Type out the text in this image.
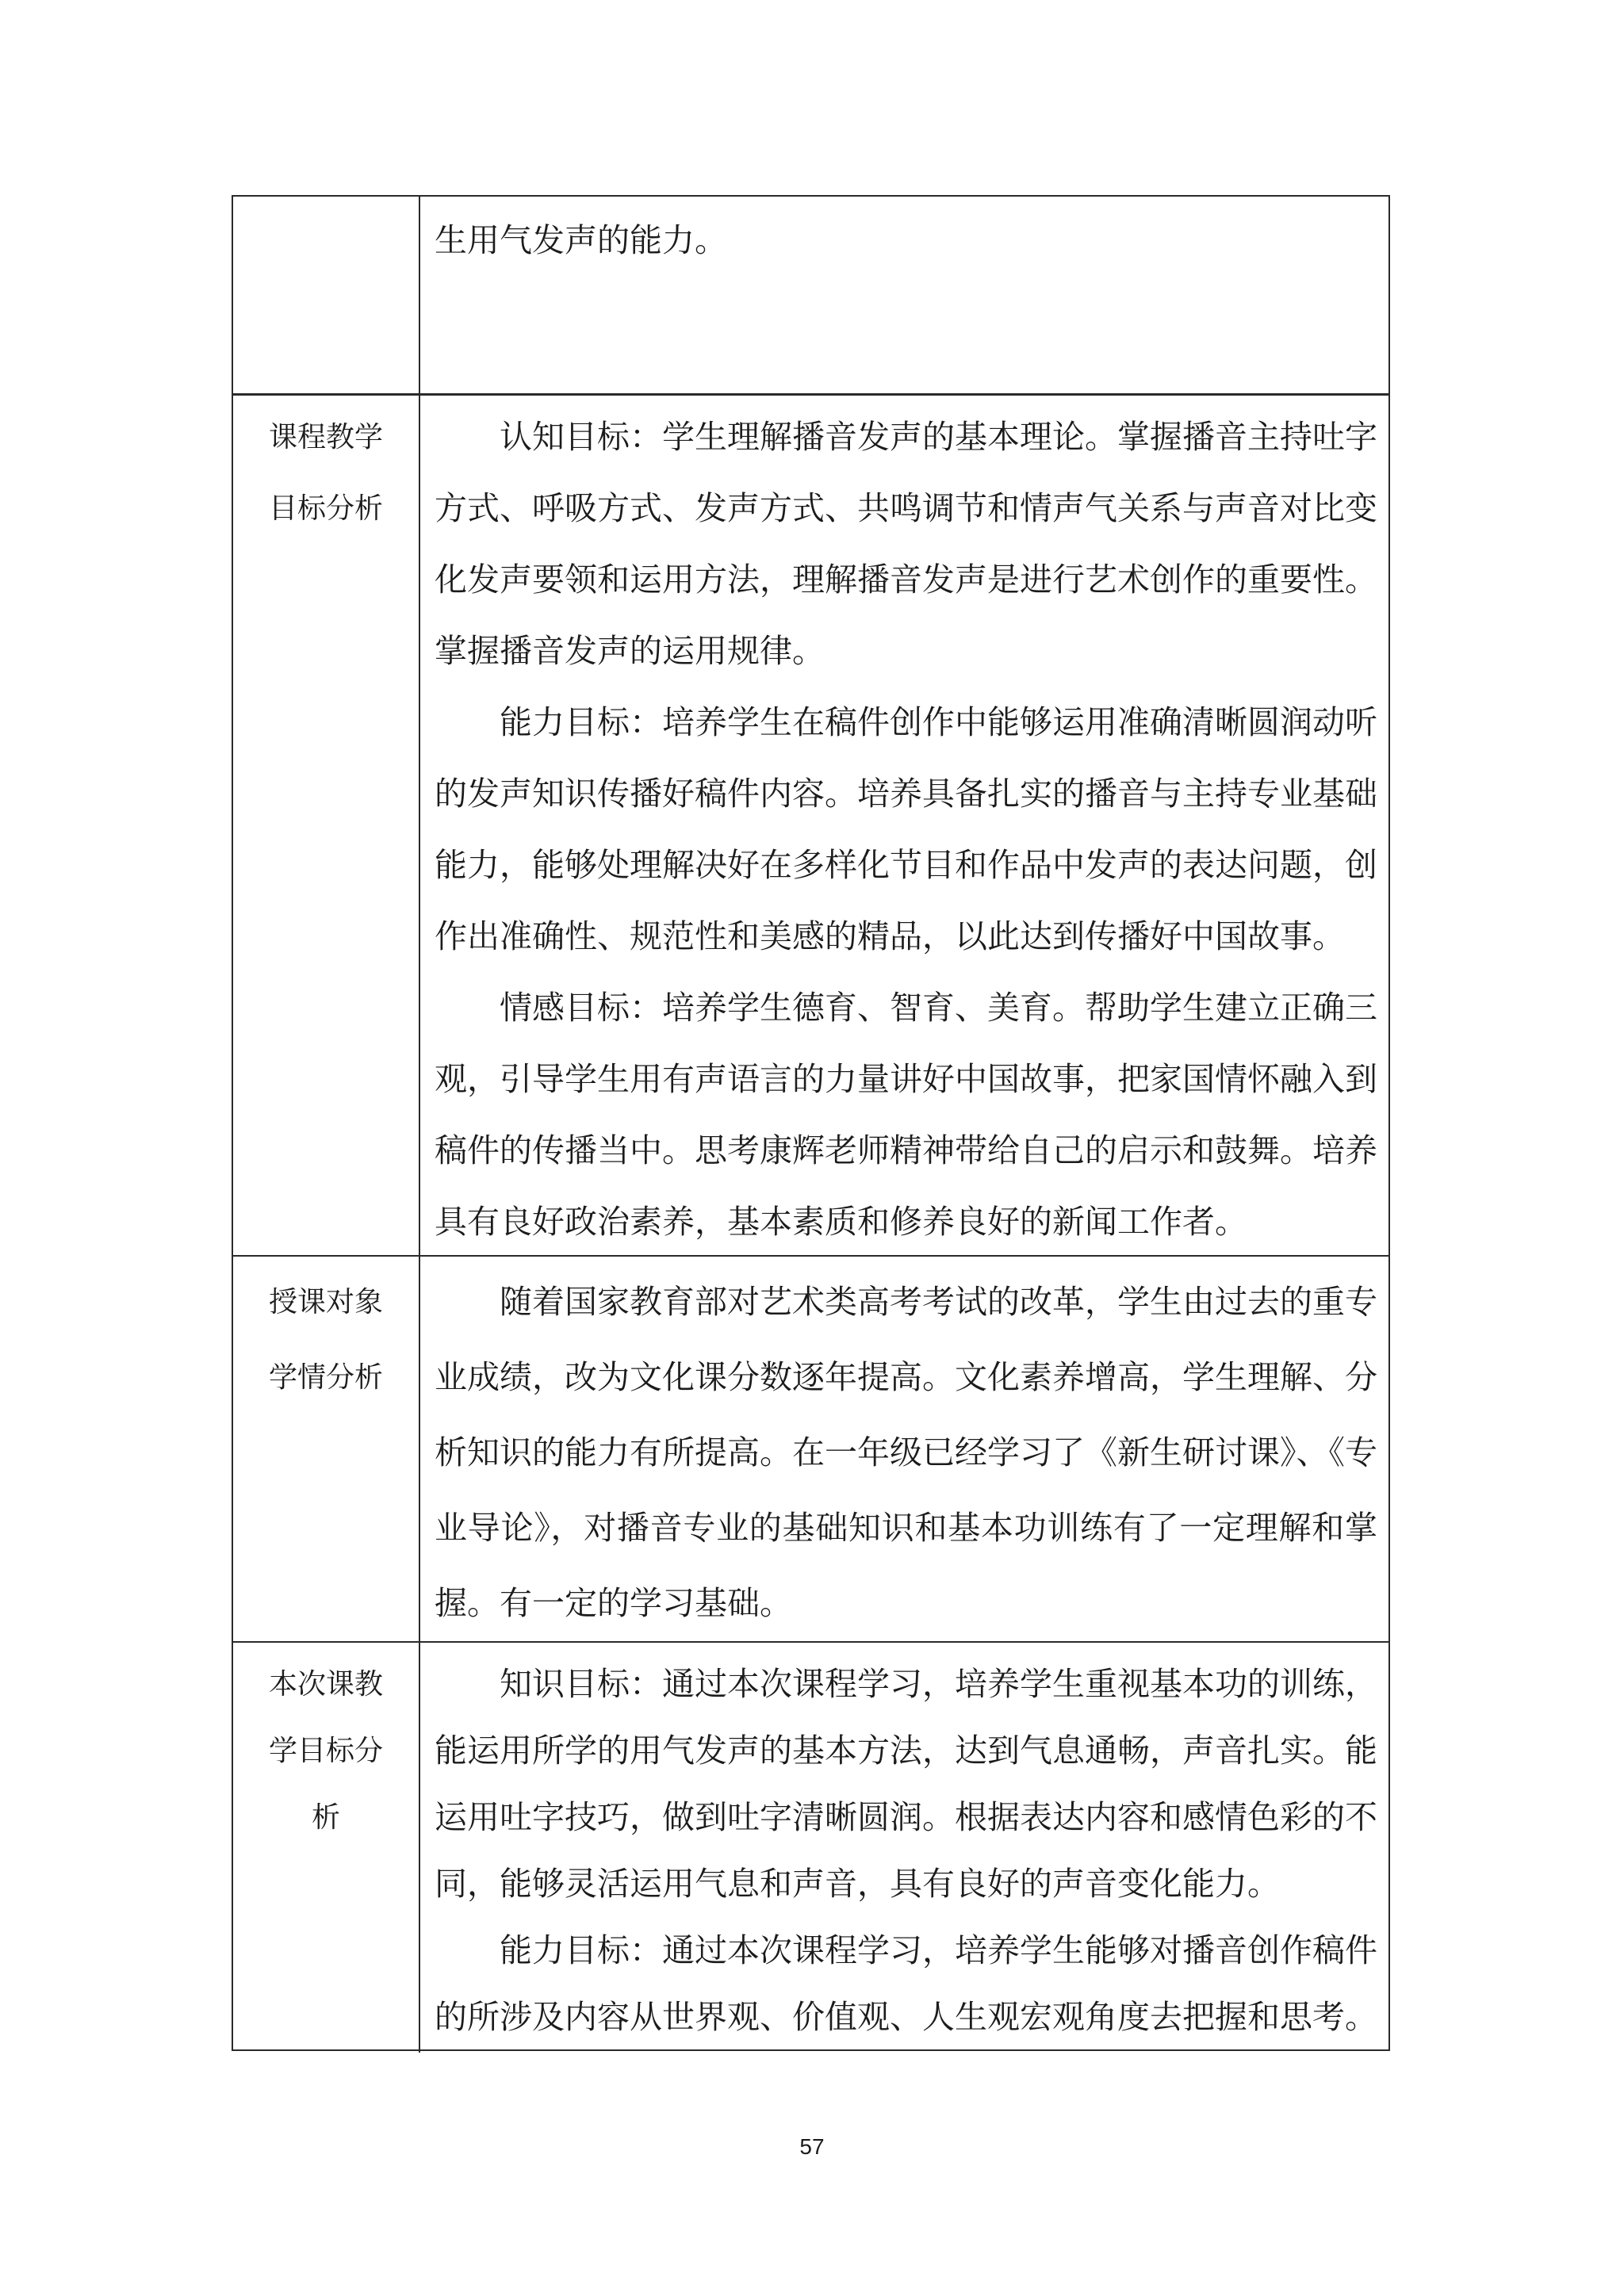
生用气发声的能力。

课程教学目标分析

认知目标：学生理解播音发声的基本理论。掌握播音主持吐字方式、呼吸方式、发声方式、共鸣调节和情声气关系与声音对比变化发声要领和运用方法，理解播音发声是进行艺术创作的重要性。掌握播音发声的运用规律。

能力目标：培养学生在稿件创作中能够运用准确清晰圆润动听的发声知识传播好稿件内容。培养具备扎实的播音与主持专业基础能力，能够处理解决好在多样化节目和作品中发声的表达问题，创作出准确性、规范性和美感的精品，以此达到传播好中国故事。

情感目标：培养学生德育、智育、美育。帮助学生建立正确三观，引导学生用有声语言的力量讲好中国故事，把家国情怀融入到稿件的传播当中。思考康辉老师精神带给自己的启示和鼓舞。培养具有良好政治素养，基本素质和修养良好的新闻工作者。

授课对象学情分析

随着国家教育部对艺术类高考考试的改革，学生由过去的重专业成绩，改为文化课分数逐年提高。文化素养增高，学生理解、分析知识的能力有所提高。在一年级已经学习了《新生研讨课》、《专业导论》，对播音专业的基础知识和基本功训练有了一定理解和掌握。有一定的学习基础。

本次课教学目标分析

知识目标：通过本次课程学习，培养学生重视基本功的训练，能运用所学的用气发声的基本方法，达到气息通畅，声音扎实。能运用吐字技巧，做到吐字清晰圆润。根据表达内容和感情色彩的不同，能够灵活运用气息和声音，具有良好的声音变化能力。

能力目标：通过本次课程学习，培养学生能够对播音创作稿件的所涉及内容从世界观、价值观、人生观宏观角度去把握和思考。

57
